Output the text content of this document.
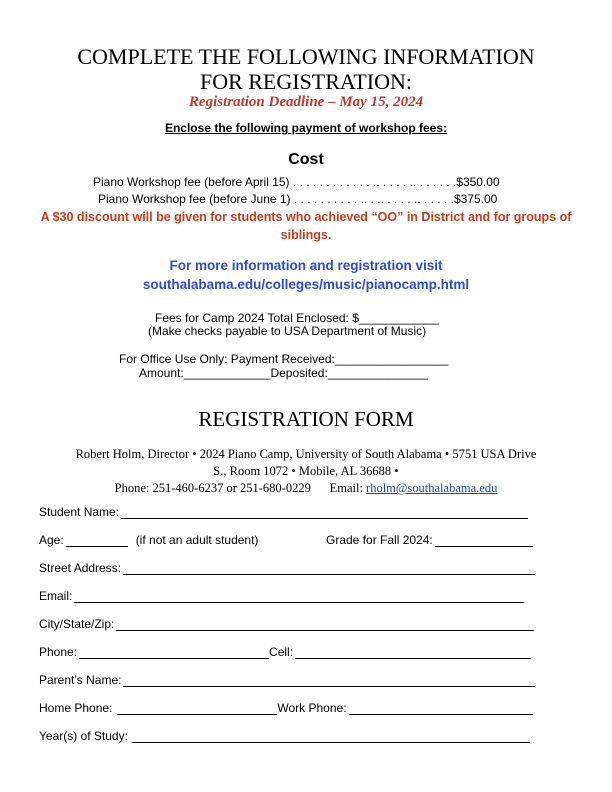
COMPLETE THE FOLLOWING INFORMATION
FOR REGISTRATION:
Registration Deadline – May 15, 2024
Enclose the following payment of workshop fees:
Cost
Piano Workshop fee (before April 15) . . . . . . . . . . . . .. . . . . .. . . . . . .$350.00
Piano Workshop fee (before June 1) . . . . . . . . . . .. . .. . . . . .. . . . . .$375.00
A $30 discount will be given for students who achieved “OO” in District and for groups of siblings.
For more information and registration visit
southalabama.edu/colleges/music/pianocamp.html
Fees for Camp 2024 Total Enclosed: $____________
(Make checks payable to USA Department of Music)
For Office Use Only: Payment Received:_________________
Amount:_____________Deposited:_______________
REGISTRATION FORM
Robert Holm, Director • 2024 Piano Camp, University of South Alabama • 5751 USA Drive
S., Room 1072 • Mobile, AL 36688 •
Phone: 251-460-6237 or 251-680-0229 Email: rholm@southalabama.edu
Student Name:
Age:	(if not an adult student)	Grade for Fall 2024:
Street Address:
Email:
City/State/Zip:
Phone:	Cell:
Parent’s Name:
Home Phone:	Work Phone:
Year(s) of Study:
